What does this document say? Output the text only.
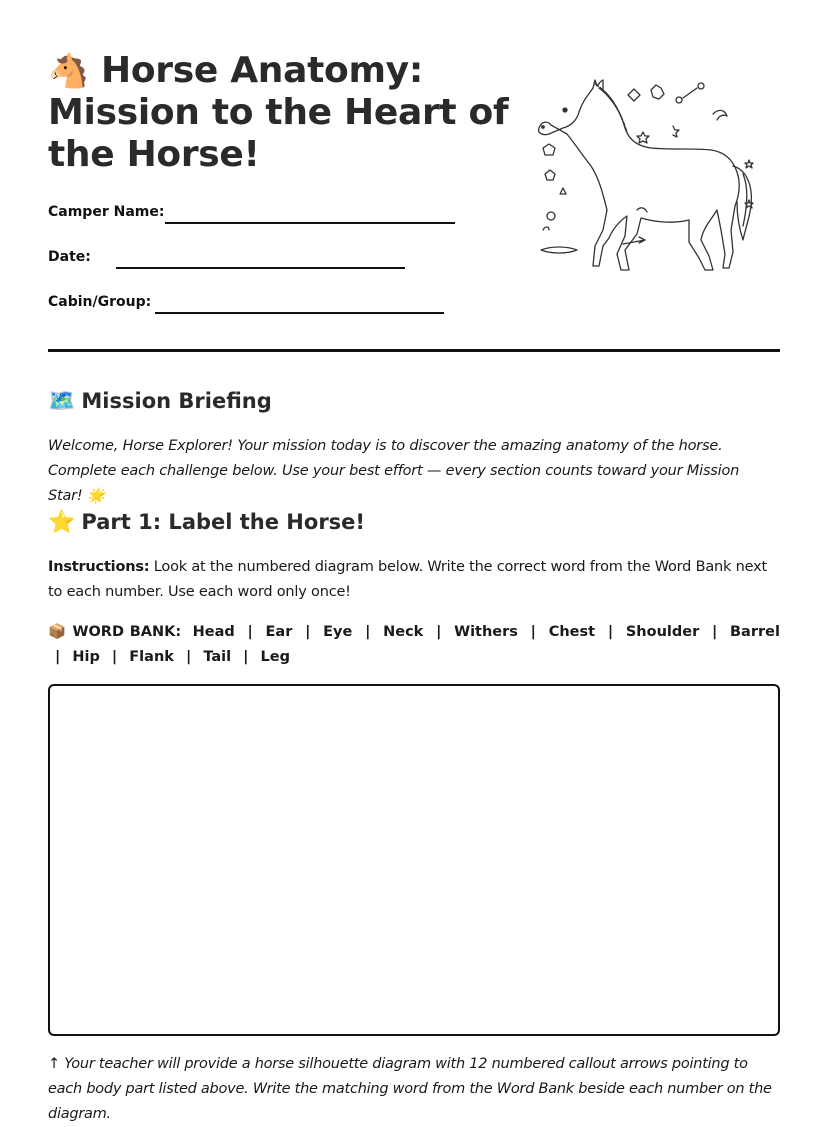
🐴 Horse Anatomy: Mission to the Heart of the Horse!
Camper Name:
Date:
Cabin/Group:
🗺️ Mission Briefing

Welcome, Horse Explorer! Your mission today is to discover the amazing anatomy of the horse. Complete each challenge below. Use your best effort — every section counts toward your Mission Star! 🌟

⭐ Part 1: Label the Horse!

Instructions: Look at the numbered diagram below. Write the correct word from the Word Bank next to each number. Use each word only once!

📦 WORD BANK: Head | Ear | Eye | Neck | Withers | Chest | Shoulder | Barrel | Hip | Flank | Tail | Leg

↑ Your teacher will provide a horse silhouette diagram with 12 numbered callout arrows pointing to each body part listed above. Write the matching word from the Word Bank beside each number on the diagram.
